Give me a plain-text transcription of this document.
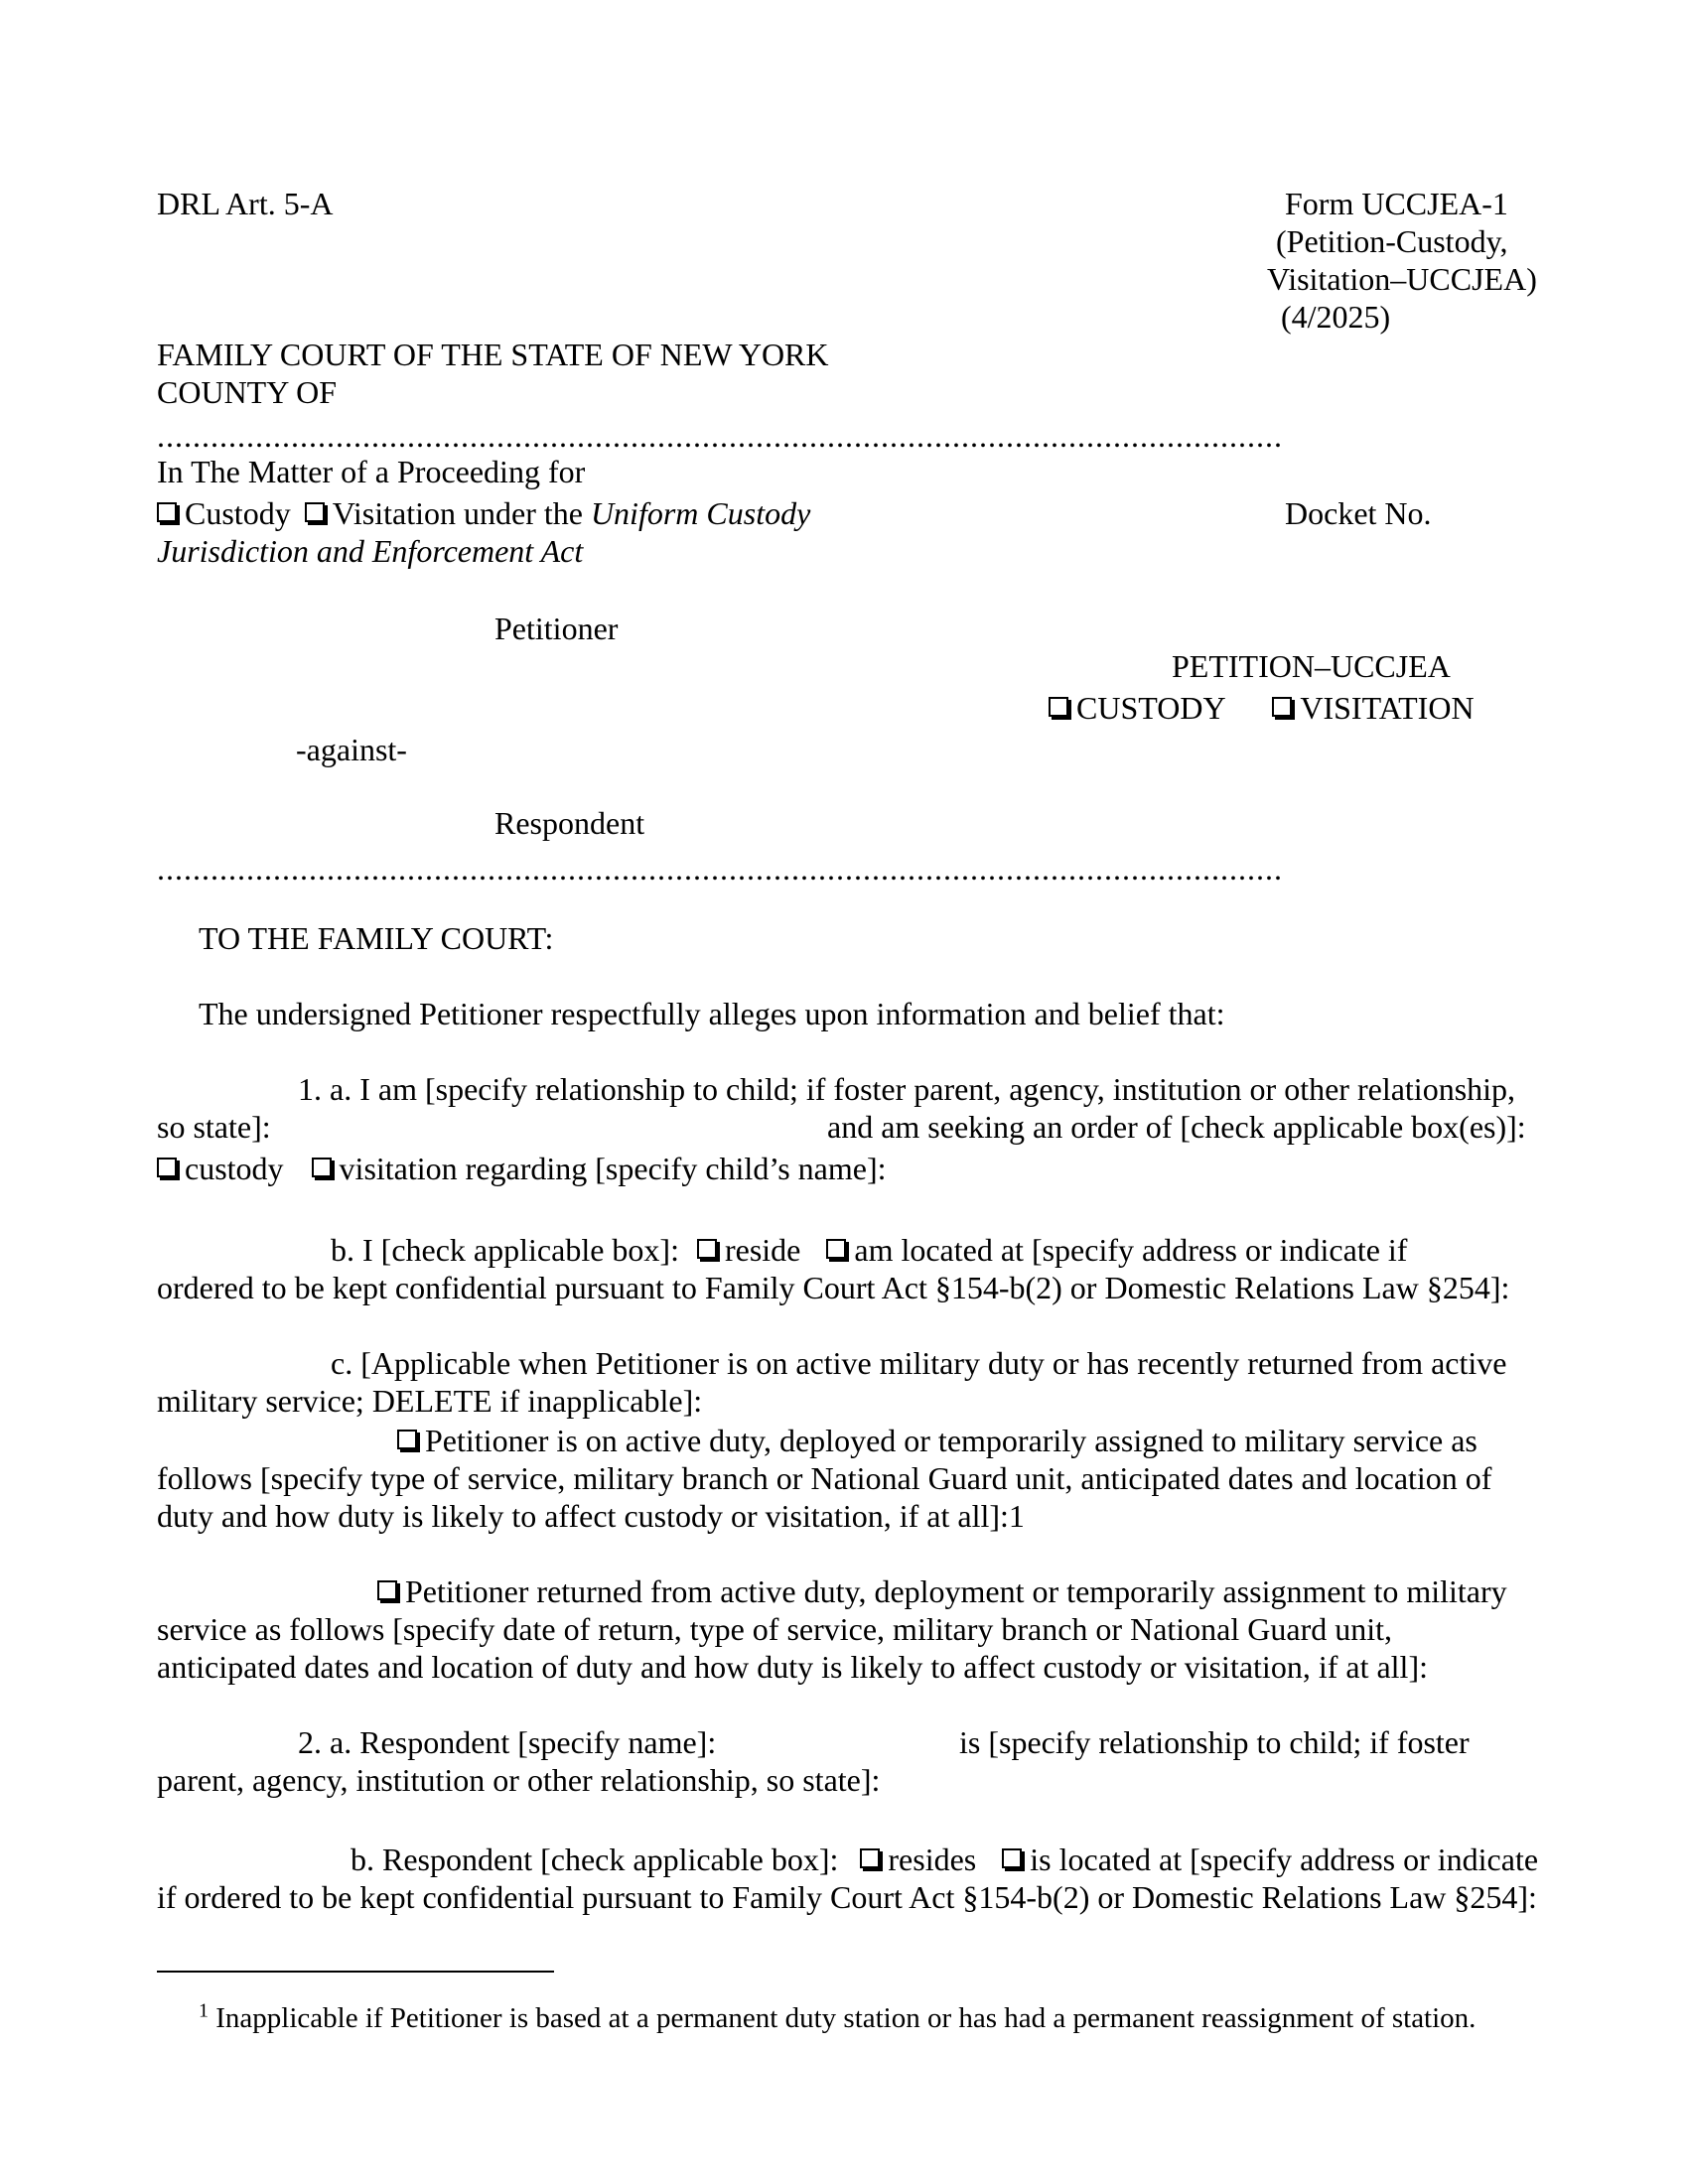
DRL Art. 5-A	Form UCCJEA-1
(Petition-Custody,
Visitation–UCCJEA)
(4/2025)
FAMILY COURT OF THE STATE OF NEW YORK
COUNTY OF
..............................................................................................................................
In The Matter of a Proceeding for
Custody Visitation under the Uniform Custody
Jurisdiction and Enforcement Act
Docket No.
Petitioner
PETITION–UCCJEA
CUSTODY VISITATION
-against-
Respondent
..............................................................................................................................
TO THE FAMILY COURT:
The undersigned Petitioner respectfully alleges upon information and belief that:
1. a. I am [specify relationship to child; if foster parent, agency, institution or other relationship,
so state]:	and am seeking an order of [check applicable box(es)]:
custody visitation regarding [specify child’s name]:
b. I [check applicable box]: reside am located at [specify address or indicate if
ordered to be kept confidential pursuant to Family Court Act §154-b(2) or Domestic Relations Law §254]:
c. [Applicable when Petitioner is on active military duty or has recently returned from active
military service; DELETE if inapplicable]:
Petitioner is on active duty, deployed or temporarily assigned to military service as
follows [specify type of service, military branch or National Guard unit, anticipated dates and location of
duty and how duty is likely to affect custody or visitation, if at all]:1
Petitioner returned from active duty, deployment or temporarily assignment to military
service as follows [specify date of return, type of service, military branch or National Guard unit,
anticipated dates and location of duty and how duty is likely to affect custody or visitation, if at all]:
2. a. Respondent [specify name]:	is [specify relationship to child; if foster
parent, agency, institution or other relationship, so state]:
b. Respondent [check applicable box]: resides is located at [specify address or indicate
if ordered to be kept confidential pursuant to Family Court Act §154-b(2) or Domestic Relations Law §254]:
$^1$ Inapplicable if Petitioner is based at a permanent duty station or has had a permanent reassignment of station.
